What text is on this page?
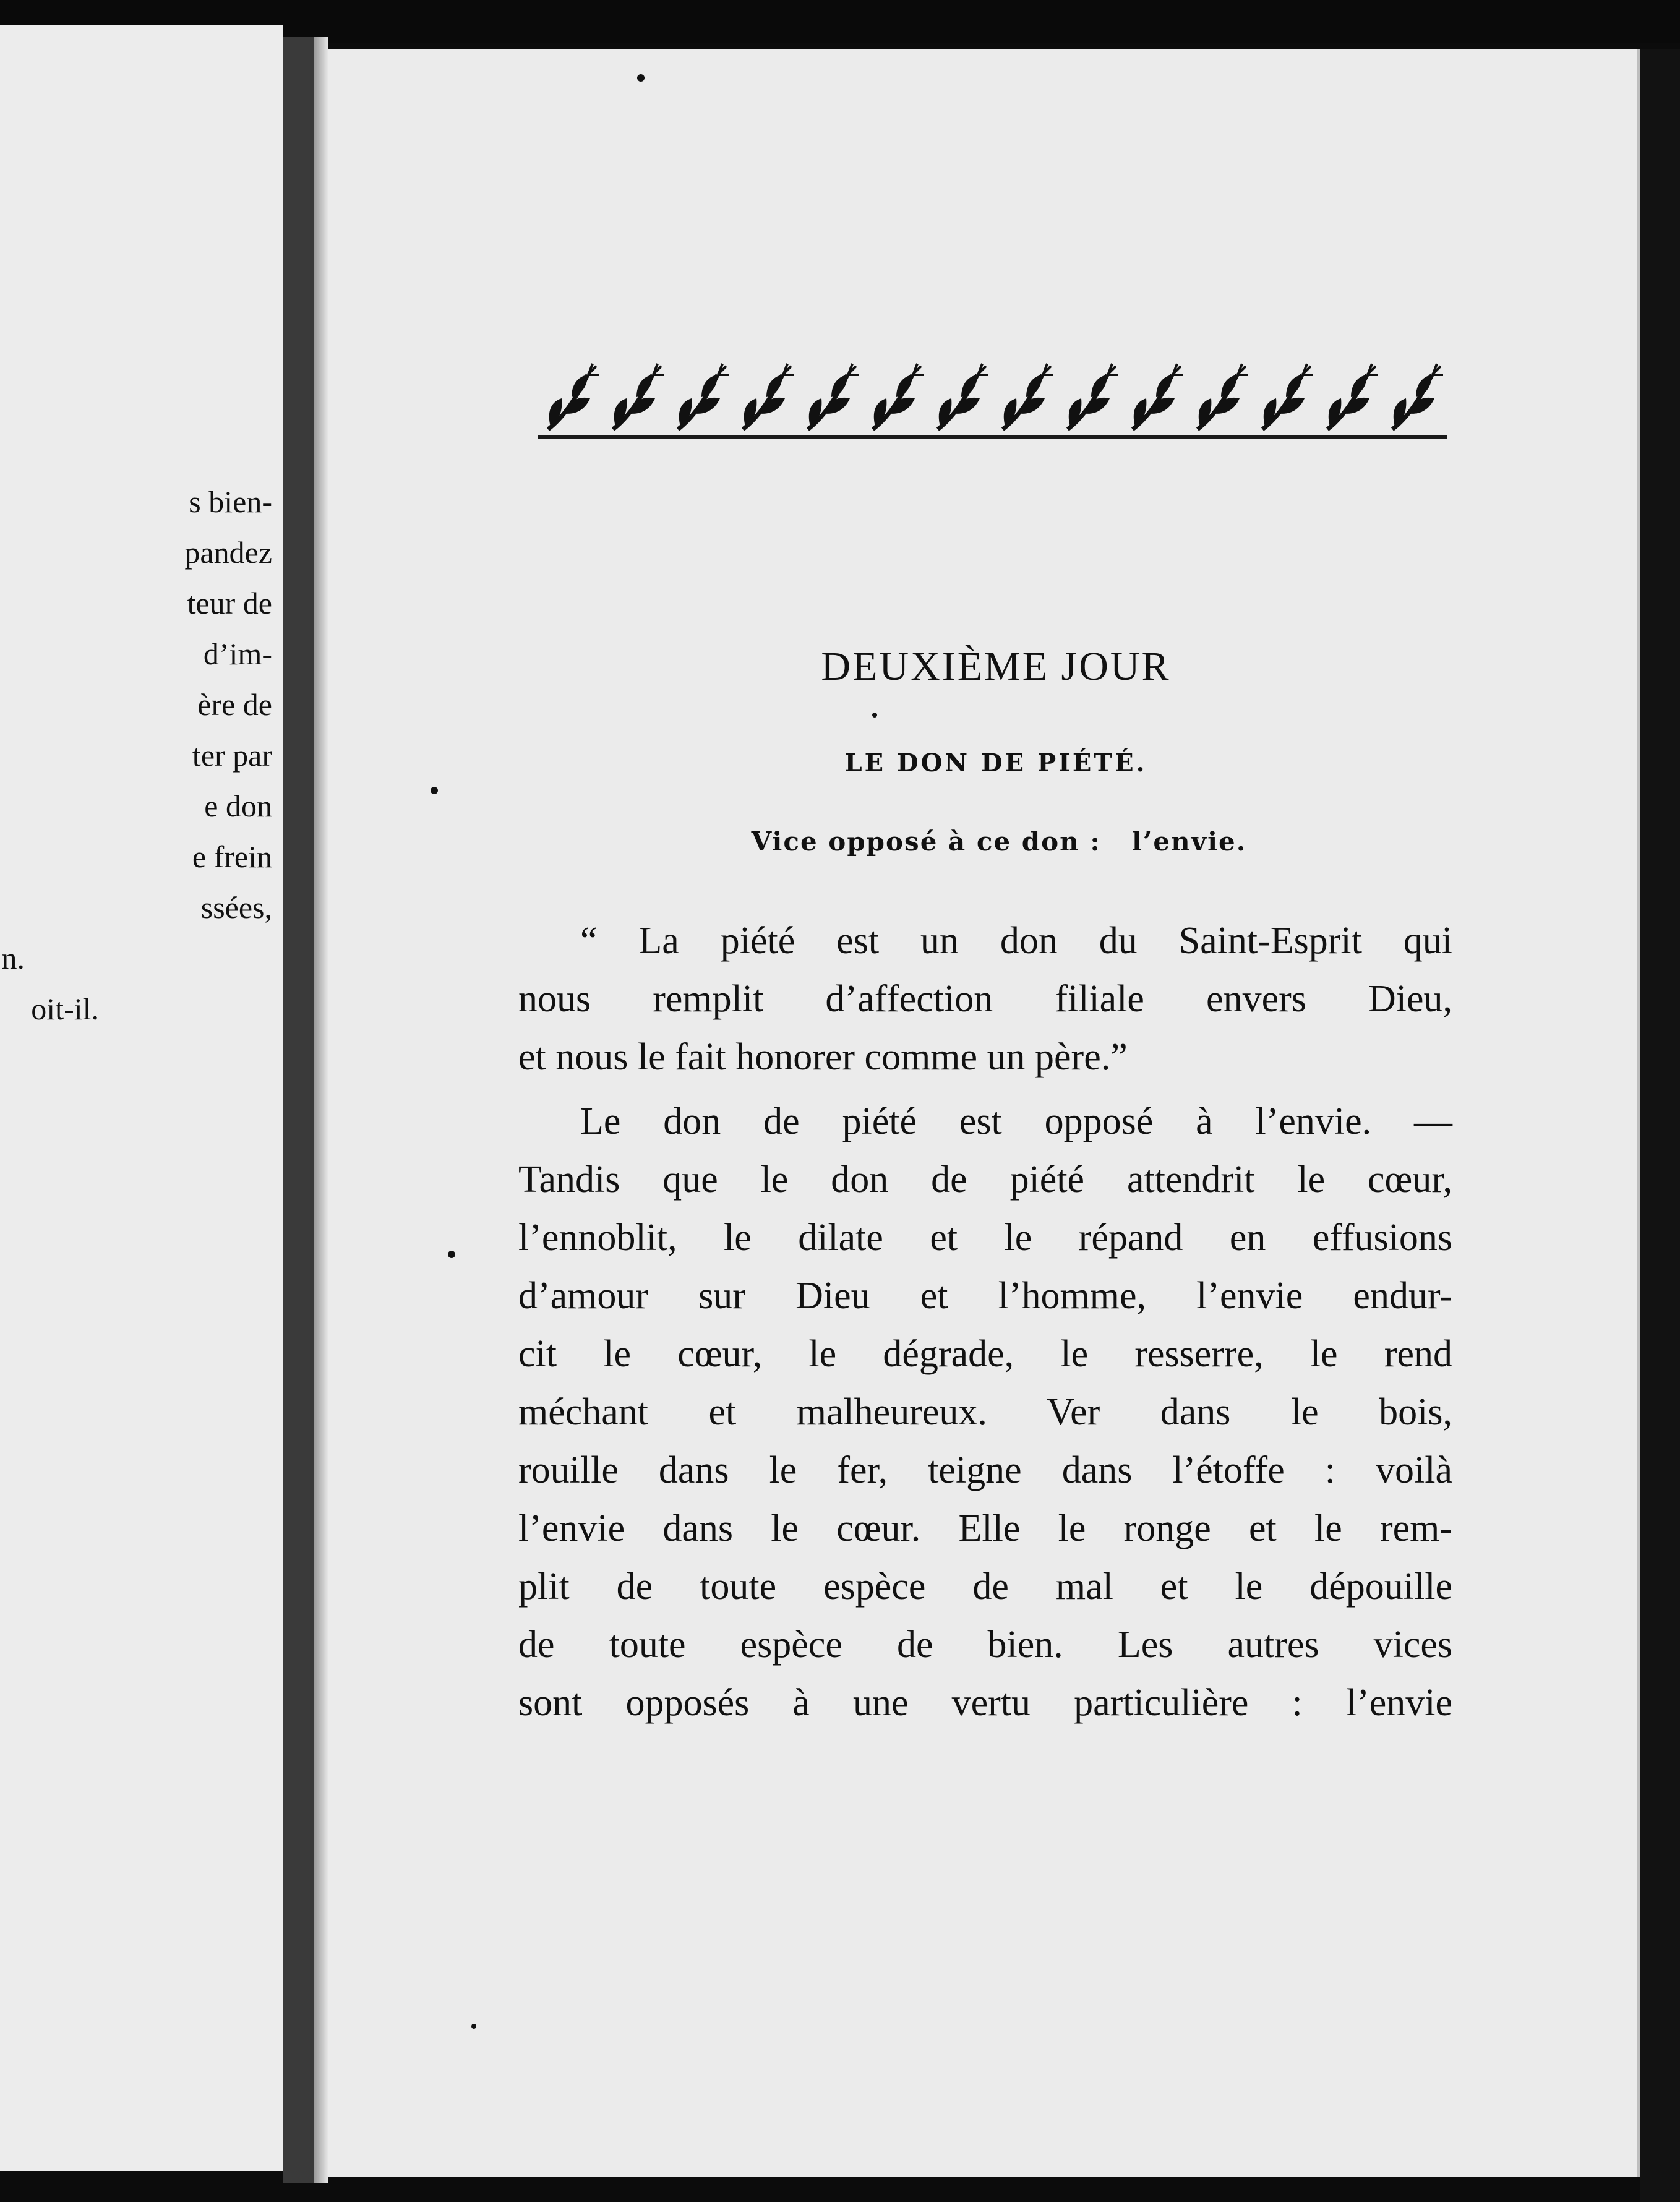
s bien-
pandez
teur de
d’im-
ère de
ter par
e don
e frein
ssées,
n.
oit-il.

DEUXIÈME JOUR
LE DON DE PIÉTÉ.
Vice opposé à ce don : l’envie.
“ La piété est un don du Saint-Esprit qui
nous remplit d’affection filiale envers Dieu,
et nous le fait honorer comme un père.”
Le don de piété est opposé à l’envie. —
Tandis que le don de piété attendrit le cœur,
l’ennoblit, le dilate et le répand en effusions
d’amour sur Dieu et l’homme, l’envie endur-
cit le cœur, le dégrade, le resserre, le rend
méchant et malheureux. Ver dans le bois,
rouille dans le fer, teigne dans l’étoffe : voilà
l’envie dans le cœur. Elle le ronge et le rem-
plit de toute espèce de mal et le dépouille
de toute espèce de bien. Les autres vices
sont opposés à une vertu particulière : l’envie
